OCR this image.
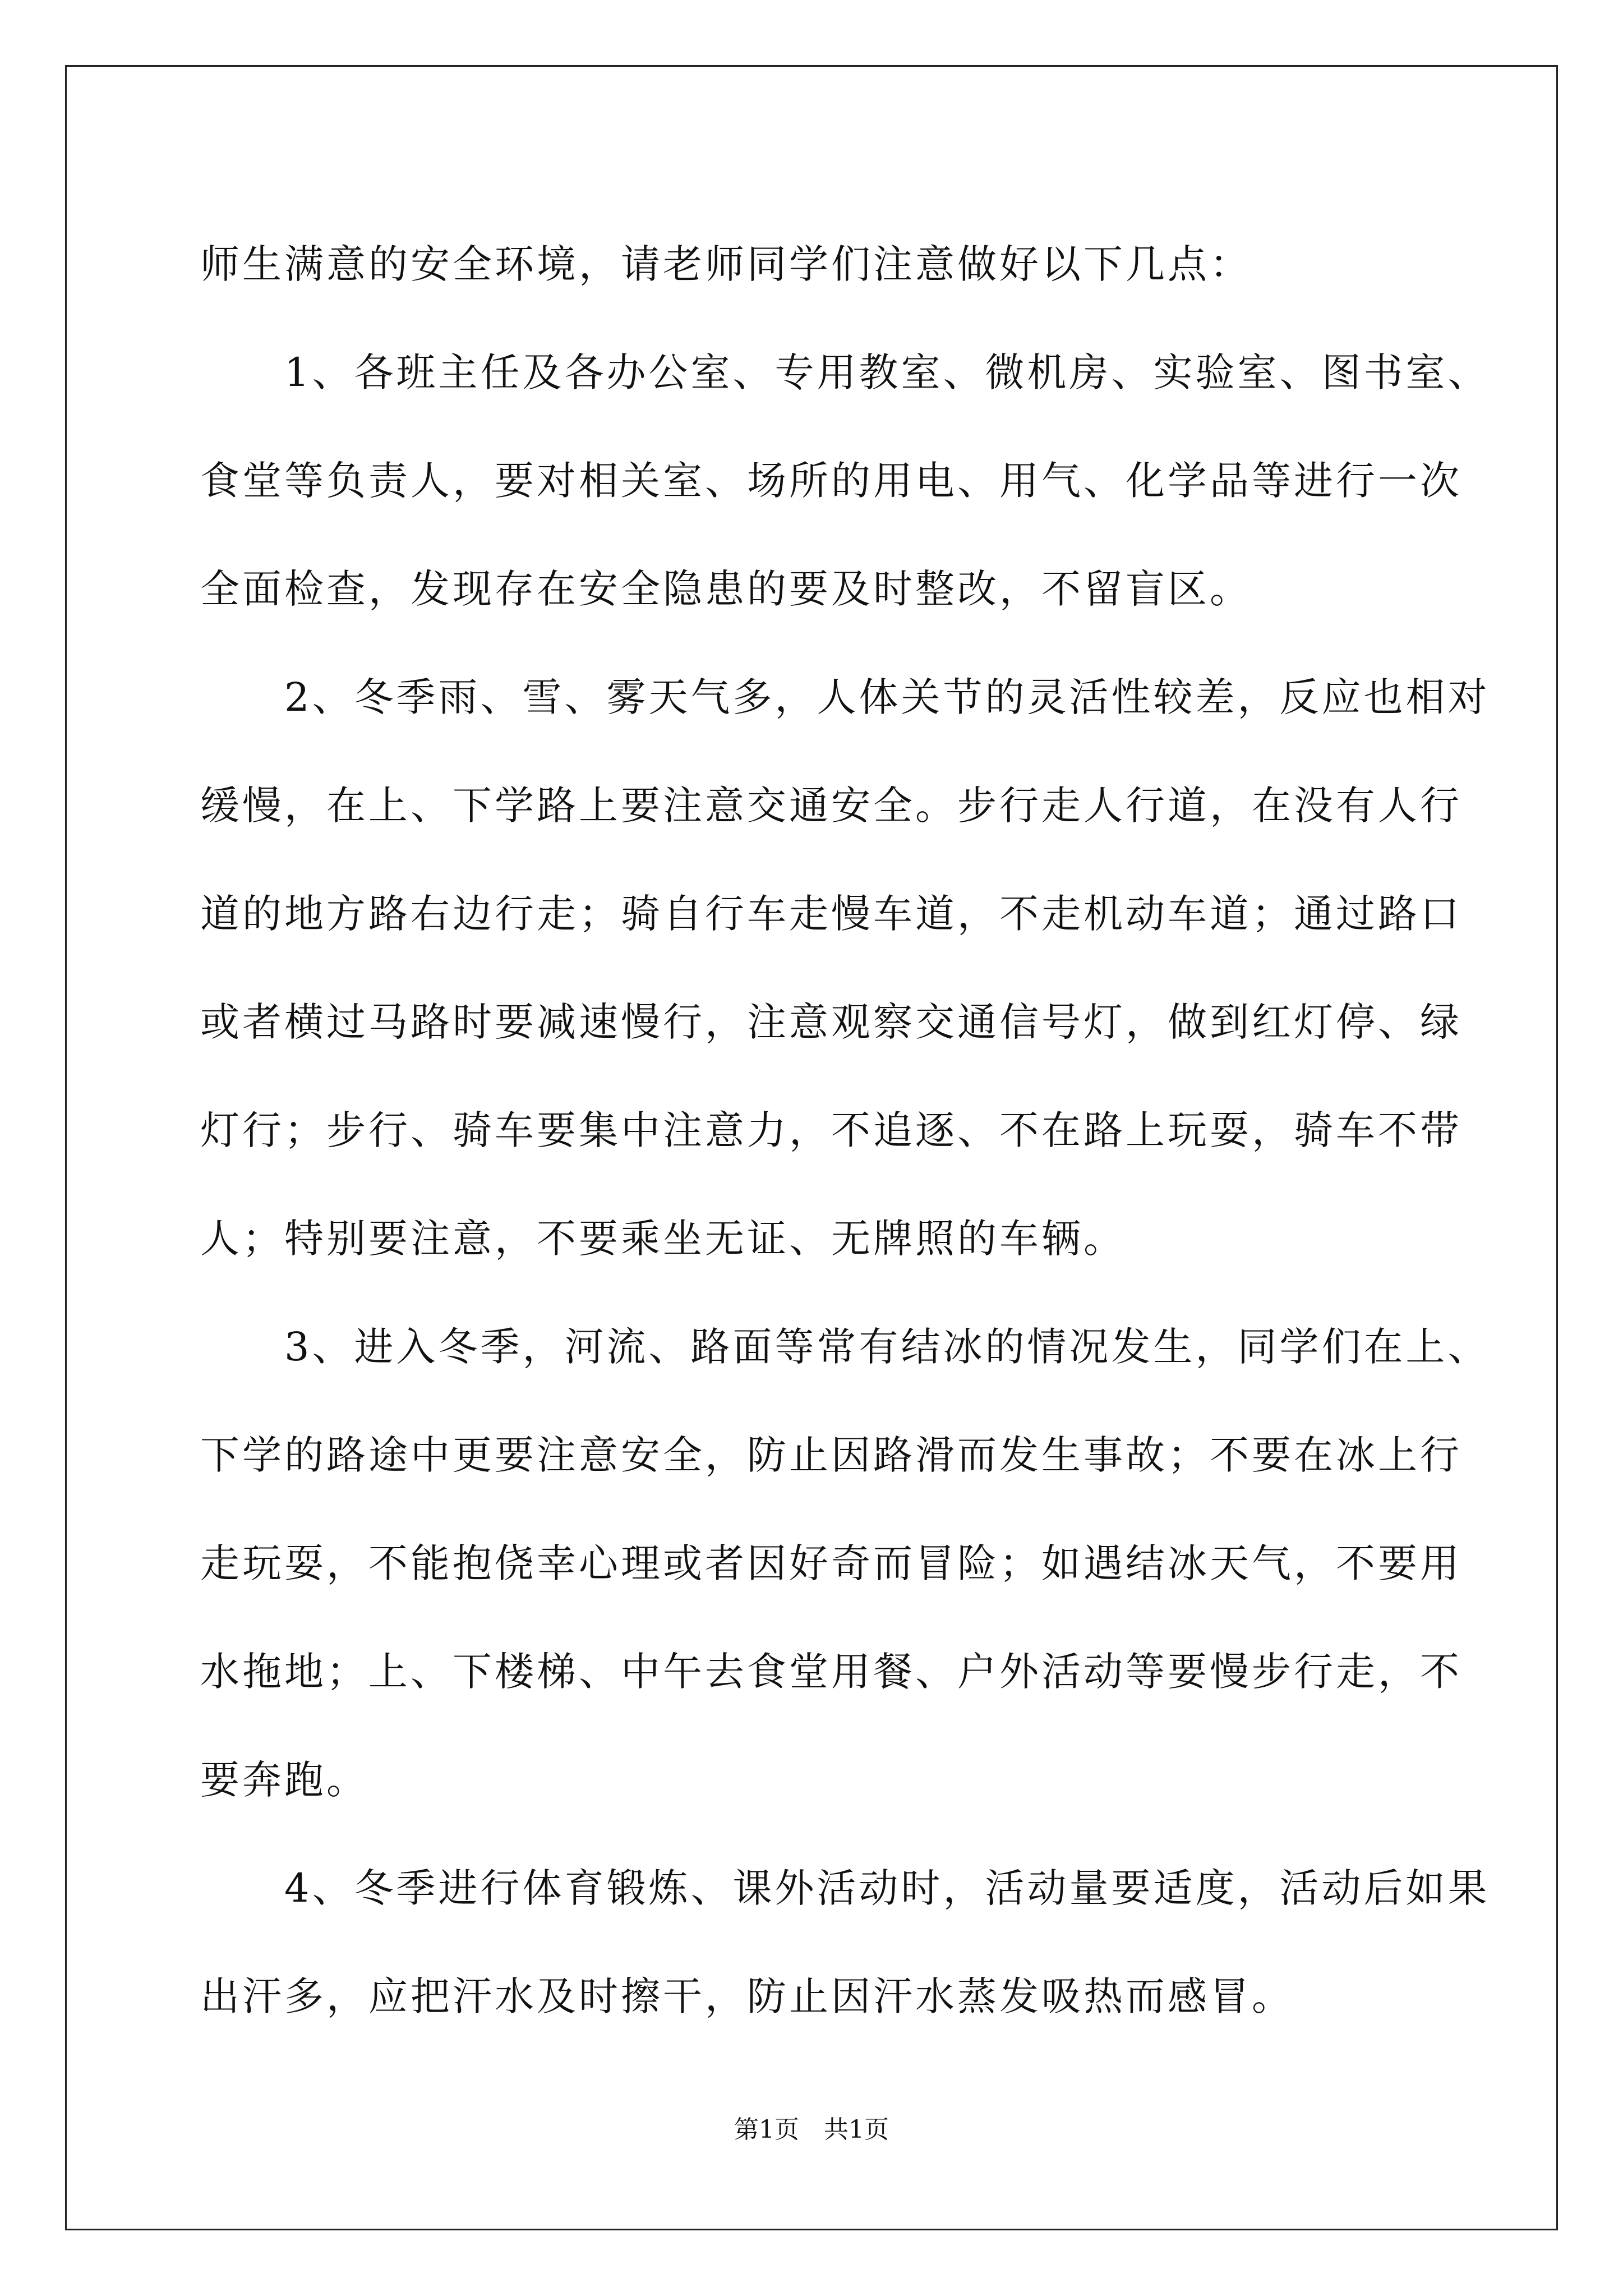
师生满意的安全环境，请老师同学们注意做好以下几点：
　　1、各班主任及各办公室、专用教室、微机房、实验室、图书室、
食堂等负责人，要对相关室、场所的用电、用气、化学品等进行一次
全面检查，发现存在安全隐患的要及时整改，不留盲区。
　　2、冬季雨、雪、雾天气多，人体关节的灵活性较差，反应也相对
缓慢，在上、下学路上要注意交通安全。步行走人行道，在没有人行
道的地方路右边行走；骑自行车走慢车道，不走机动车道；通过路口
或者横过马路时要减速慢行，注意观察交通信号灯，做到红灯停、绿
灯行；步行、骑车要集中注意力，不追逐、不在路上玩耍，骑车不带
人；特别要注意，不要乘坐无证、无牌照的车辆。
　　3、进入冬季，河流、路面等常有结冰的情况发生，同学们在上、
下学的路途中更要注意安全，防止因路滑而发生事故；不要在冰上行
走玩耍，不能抱侥幸心理或者因好奇而冒险；如遇结冰天气，不要用
水拖地；上、下楼梯、中午去食堂用餐、户外活动等要慢步行走，不
要奔跑。
　　4、冬季进行体育锻炼、课外活动时，活动量要适度，活动后如果
出汗多，应把汗水及时擦干，防止因汗水蒸发吸热而感冒。
第1页　共1页
